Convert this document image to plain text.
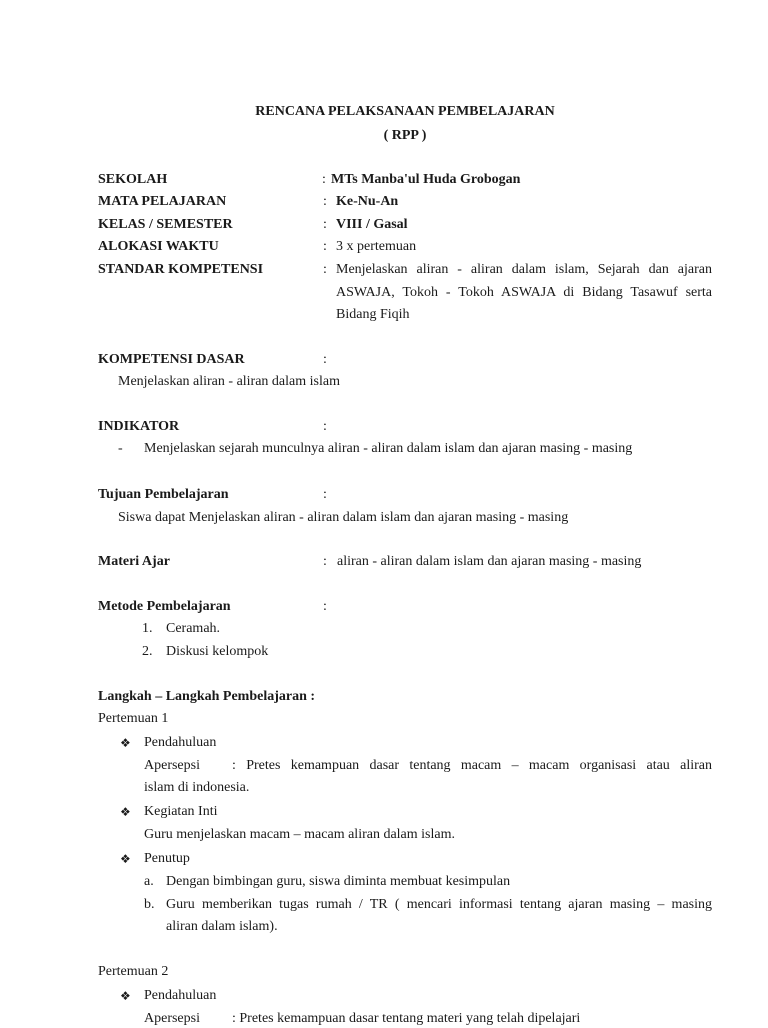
RENCANA PELAKSANAAN PEMBELAJARAN
( RPP )
SEKOLAH	: MTs Manba'ul Huda Grobogan
MATA PELAJARAN	: Ke-Nu-An
KELAS / SEMESTER	: VIII / Gasal
ALOKASI WAKTU	: 3 x pertemuan
STANDAR KOMPETENSI	: Menjelaskan aliran - aliran dalam islam, Sejarah dan ajaran
ASWAJA, Tokoh - Tokoh ASWAJA di Bidang Tasawuf serta
Bidang Fiqih
KOMPETENSI DASAR	:
Menjelaskan aliran - aliran dalam islam
INDIKATOR	:
- Menjelaskan sejarah munculnya aliran - aliran dalam islam dan ajaran masing - masing
Tujuan Pembelajaran	:
Siswa dapat Menjelaskan aliran - aliran dalam islam dan ajaran masing - masing
Materi Ajar	: aliran - aliran dalam islam dan ajaran masing - masing
Metode Pembelajaran	:
1. Ceramah.
2. Diskusi kelompok
Langkah – Langkah Pembelajaran :
Pertemuan 1
❖ Pendahuluan
Apersepsi : Pretes kemampuan dasar tentang macam – macam organisasi atau aliran
islam di indonesia.
❖ Kegiatan Inti
Guru menjelaskan macam – macam aliran dalam islam.
❖ Penutup
a. Dengan bimbingan guru, siswa diminta membuat kesimpulan
b. Guru memberikan tugas rumah / TR ( mencari informasi tentang ajaran masing – masing
aliran dalam islam).
Pertemuan 2
❖ Pendahuluan
Apersepsi : Pretes kemampuan dasar tentang materi yang telah dipelajari
